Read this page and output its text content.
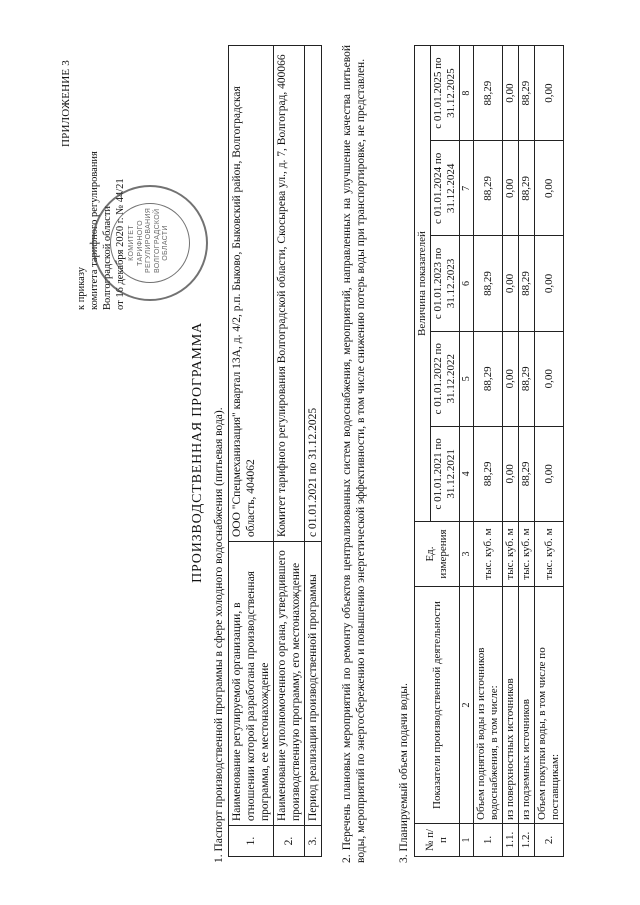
ПРИЛОЖЕНИЕ 3
к приказу комитета тарифного регулирования Волгоградской области от 16 декабря 2020 г. № 44/21 КОМИТЕТ ТАРИФНОГО РЕГУЛИРОВАНИЯ ВОЛГОГРАДСКОЙ ОБЛАСТИ
ПРОИЗВОДСТВЕННАЯ ПРОГРАММА 1. Паспорт производственной программы в сфере холодного водоснабжения (питьевая вода). 1.	Наименование регулируемой организации, в отношении которой разработана производственная программа, ее местонахождение	ООО "Спецмеханизация" квартал 13А, д. 4/2, р.п. Быково, Быковский район, Волгоградская область, 404062
2.	Наименование уполномоченного органа, утвердившего производственную программу, его местонахождение	Комитет тарифного регулирования Волгоградской области, Скосырева ул., д. 7, Волгоград, 400066
3.	Период реализации производственной программы	с 01.01.2021 по 31.12.2025 2. Перечень плановых мероприятий по ремонту объектов централизованных систем водоснабжения, мероприятий, направленных на улучшение качества питьевой воды, мероприятий по энергосбережению и повышению энергетической эффективности, в том числе снижению потерь воды при транспортировке, не представлен.	3. Планируемый объем подачи воды. № п/п	Показатели производственной деятельности	Ед. измерения	Величина показателей				
			с 01.01.2021 по 31.12.2021	с 01.01.2022 по 31.12.2022	с 01.01.2023 по 31.12.2023	с 01.01.2024 по 31.12.2024	с 01.01.2025 по 31.12.2025
1	2	3	4	5	6	7	8
1.	Объем поднятой воды из источников водоснабжения, в том числе:	тыс. куб. м	88,29	88,29	88,29	88,29	88,29
1.1.	из поверхностных источников	тыс. куб. м	0,00	0,00	0,00	0,00	0,00
1.2.	из подземных источников	тыс. куб. м	88,29	88,29	88,29	88,29	88,29
2.	Объем покупки воды, в том числе по поставщикам:	тыс. куб. м	0,00	0,00	0,00	0,00	0,00
